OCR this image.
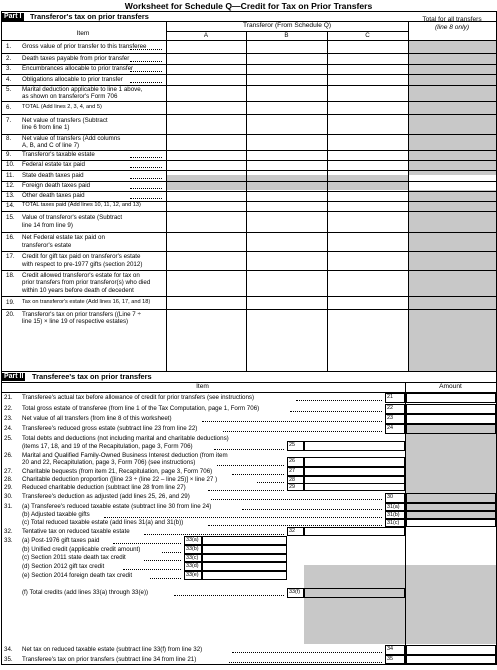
Worksheet for Schedule Q—Credit for Tax on Prior Transfers
Part I Transferor's tax on prior transfers
Item
Transferor (From Schedule Q)
A	B	C
Total for all transfers
(line 8 only)
1. Gross value of prior transfer to this transferee
2. Death taxes payable from prior transfer
3. Encumbrances allocable to prior transfer
4. Obligations allocable to prior transfer
5. Marital deduction applicable to line 1 above,
as shown on transferor's Form 706
6. TOTAL (Add lines 2, 3, 4, and 5)
7. Net value of transfers (Subtract
line 6 from line 1)
8. Net value of transfers (Add columns
A, B, and C of line 7)
9. Transferor's taxable estate
10. Federal estate tax paid
11. State death taxes paid
12. Foreign death taxes paid
13. Other death taxes paid
14. TOTAL taxes paid (Add lines 10, 11, 12, and 13)
15. Value of transferor's estate (Subtract
line 14 from line 9)
16. Net Federal estate tax paid on
transferor's estate
17. Credit for gift tax paid on transferor's estate
with respect to pre-1977 gifts (section 2012)
18. Credit allowed transferor's estate for tax on
prior transfers from prior transferor(s) who died
within 10 years before death of decedent
19. Tax on transferor's estate (Add lines 16, 17, and 18)
20. Transferor's tax on prior transfers ((Line 7 ÷
line 15) × line 19 of respective estates)
Part II Transferee's tax on prior transfers
Item	Amount
21. Transferee's actual tax before allowance of credit for prior transfers (see instructions)	21
22. Total gross estate of transferee (from line 1 of the Tax Computation, page 1, Form 706)	22
23. Net value of all transfers (from line 8 of this worksheet)	23
24. Transferee's reduced gross estate (subtract line 23 from line 22)	24
25. Total debts and deductions (not including marital and charitable deductions)
(items 17, 18, and 19 of the Recapitulation, page 3, Form 706)	25
26. Marital and Qualified Family-Owned Business Interest deduction (from item
20 and 22, Recapitulation, page 3, Form 706) (see instructions)	26
27. Charitable bequests (from item 21, Recapitulation, page 3, Form 706)	27
28. Charitable deduction proportion ([line 23 ÷ (line 22 – line 25)] × line 27 )	28
29. Reduced charitable deduction (subtract line 28 from line 27)	29
30. Transferee's deduction as adjusted (add lines 25, 26, and 29)	30
31. (a) Transferee's reduced taxable estate (subtract line 30 from line 24)	31(a)
(b) Adjusted taxable gifts	31(b)
(c) Total reduced taxable estate (add lines 31(a) and 31(b))	31(c)
32. Tentative tax on reduced taxable estate	32
33. (a) Post-1976 gift taxes paid	33(a)
(b) Unified credit (applicable credit amount)	33(b)
(c) Section 2011 state death tax credit	33(c)
(d) Section 2012 gift tax credit	33(d)
(e) Section 2014 foreign death tax credit	33(e)
(f) Total credits (add lines 33(a) through 33(e))	33(f)
34. Net tax on reduced taxable estate (subtract line 33(f) from line 32)	34
35. Transferee's tax on prior transfers (subtract line 34 from line 21)	35
